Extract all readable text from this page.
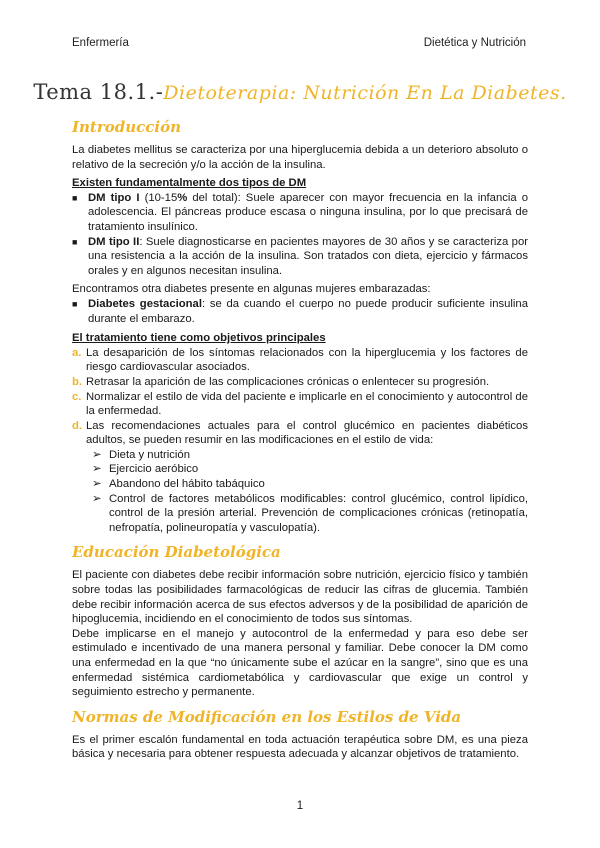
Enfermería	Dietética y Nutrición
Tema 18.1.-Dietoterapia: Nutrición En La Diabetes.
Introducción

La diabetes mellitus se caracteriza por una hiperglucemia debida a un deterioro absoluto o relativo de la secreción y/o la acción de la insulina.

Existen fundamentalmente dos tipos de DM
■ DM tipo I (10-15% del total): Suele aparecer con mayor frecuencia en la infancia o adolescencia. El páncreas produce escasa o ninguna insulina, por lo que precisará de tratamiento insulínico.
■ DM tipo II: Suele diagnosticarse en pacientes mayores de 30 años y se caracteriza por una resistencia a la acción de la insulina. Son tratados con dieta, ejercicio y fármacos orales y en algunos necesitan insulina.

Encontramos otra diabetes presente en algunas mujeres embarazadas:

■ Diabetes gestacional: se da cuando el cuerpo no puede producir suficiente insulina durante el embarazo.
El tratamiento tiene como objetivos principales
a. La desaparición de los síntomas relacionados con la hiperglucemia y los factores de riesgo cardiovascular asociados.
b. Retrasar la aparición de las complicaciones crónicas o enlentecer su progresión.
c. Normalizar el estilo de vida del paciente e implicarle en el conocimiento y autocontrol de la enfermedad.
d. Las recomendaciones actuales para el control glucémico en pacientes diabéticos adultos, se pueden resumir en las modificaciones en el estilo de vida:
➢ Dieta y nutrición
➢ Ejercicio aeróbico
➢ Abandono del hábito tabáquico
➢ Control de factores metabólicos modificables: control glucémico, control lipídico, control de la presión arterial. Prevención de complicaciones crónicas (retinopatía, nefropatía, polineuropatía y vasculopatía).
Educación Diabetológica

El paciente con diabetes debe recibir información sobre nutrición, ejercicio físico y también sobre todas las posibilidades farmacológicas de reducir las cifras de glucemia. También debe recibir información acerca de sus efectos adversos y de la posibilidad de aparición de hipoglucemia, incidiendo en el conocimiento de todos sus síntomas.

Debe implicarse en el manejo y autocontrol de la enfermedad y para eso debe ser estimulado e incentivado de una manera personal y familiar. Debe conocer la DM como una enfermedad en la que “no únicamente sube el azúcar en la sangre”, sino que es una enfermedad sistémica cardiometabólica y cardiovascular que exige un control y seguimiento estrecho y permanente.

Normas de Modificación en los Estilos de Vida

Es el primer escalón fundamental en toda actuación terapéutica sobre DM, es una pieza básica y necesaria para obtener respuesta adecuada y alcanzar objetivos de tratamiento.

1
